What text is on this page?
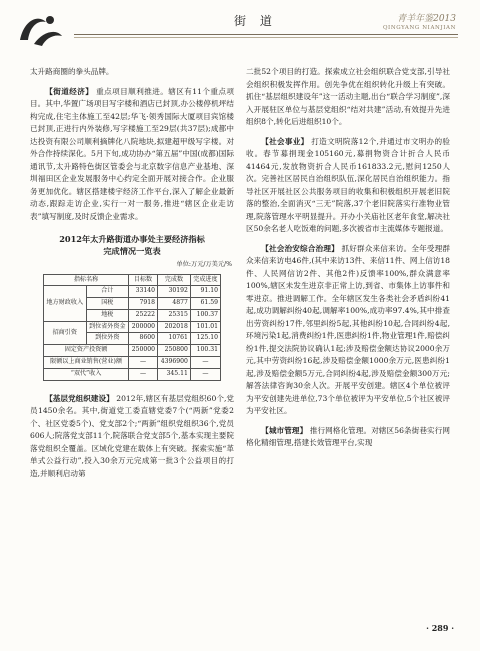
街 道	青羊年鉴2013
QINGYANG NIANJIAN

太升路商圈的拳头品牌。

【街道经济】 重点项目顺利推进。辖区有11个重点项目。其中,华置广场项目写字楼和酒店已封顶,办公楼停机坪结构完成,住宅主体施工至42层;华飞·领秀国际大厦项目宾馆楼已封顶,正进行内外装修,写字楼施工至29层(共37层);成都中达投资有限公司顺利摘牌化八院地块,拟建超甲级写字楼。对外合作持续深化。5月下旬,成功协办“第五届”中国(成都)国际通讯节,太升路特色街区管委会与北京数字信息产业基地、深圳福田区企业发展服务中心约定全面开展对接合作。企业服务更加优化。辖区搭建楼宇经济工作平台,深入了解企业最新动态,跟踪走访企业,实行一对一服务,推进“辖区企业走访表”填写制度,及时反馈企业需求。

2012年太升路街道办事处主要经济指标
完成情况一览表
单位:万元/万美元/%
指标名称		目标数	完成数	完成进度
地方财政收入	合计	33140	30192	91.10
	国税	7918	4877	61.59
	地税	25222	25315	100.37
招商引资	到位省外资金	200000	202018	101.01
	到位外资	8600	10761	125.10
固定资产投资额		250000	250800	100.31
限额以上商业销售(营业)额		—	4396900	—
“双代”收入		—	345.11	—

【基层党组织建设】 2012年,辖区有基层党组织60个,党员1450余名。其中,街道党工委直辖党委7个(“两新”党委2个、社区党委5个)、党支部2个;“两新”组织党组织36个,党员606人;院落党支部11个,院落联合党支部5个,基本实现主要院落党组织全覆盖。区域化党建在载体上有突破。探索实施“革单式公益行动”,投入30余万元完成第一批3个公益项目的打造,并顺利启动第

二批52个项目的打造。探索成立社会组织联合党支部,引导社会组织积极发挥作用。创先争优在组织转化升级上有突破。抓住“基层组织建设年”这一活动主题,出台“联合学习制度”,深入开展驻区单位与基层党组织“结对共建”活动,有效提升先进组织8个,转化后进组织10个。

【社会事业】 打造文明院落12个,并通过市文明办的验收。春节募捐现金105160元,募捐物资合计折合人民币41464元,发放物资折合人民币161833.2元,慰问1250人次。完善社区居民自治组织队伍,深化居民自治组织能力。指导社区开展社区公共服务项目的收集和积极组织开展老旧院落的整治,全面消灭“三无”院落,37个老旧院落实行准物业管理,院落管理水平明显提升。开办小关庙社区老年食堂,解决社区50余名老人吃饭难的问题,多次被省市主流媒体专题报道。

【社会治安综合治理】 抓好群众来信来访。全年受理群众来信来访电46件,(其中来访13件、来信11件、网上信访18件、人民网信访2件、其他2件)反馈率100%,群众满意率100%,辖区未发生进京非正常上访,到省、市集体上访事件和零进京。推进调解工作。全年辖区发生各类社会矛盾纠纷41起,成功调解纠纷40起,调解率100%,成功率97.4%,其中排查出劳资纠纷17件,邻里纠纷5起,其他纠纷10起,合同纠纷4起,环境污染1起,消费纠纷1件,医患纠纷1件,物业管理1件,赔偿纠纷1件,提交法院协议确认1起;涉及赔偿金额达协议2000余万元,其中劳资纠纷16起,涉及赔偿金额1000余万元,医患纠纷1起,涉及赔偿金额5万元,合同纠纷4起,涉及赔偿金额300万元;解答法律咨询30余人次。开展平安创建。辖区4个单位被评为平安创建先进单位,73个单位被评为平安单位,5个社区被评为平安社区。

【城市管理】 推行网格化管理。对辖区56条街巷实行网格化精细管理,搭建长效管理平台,实现

· 289 ·
